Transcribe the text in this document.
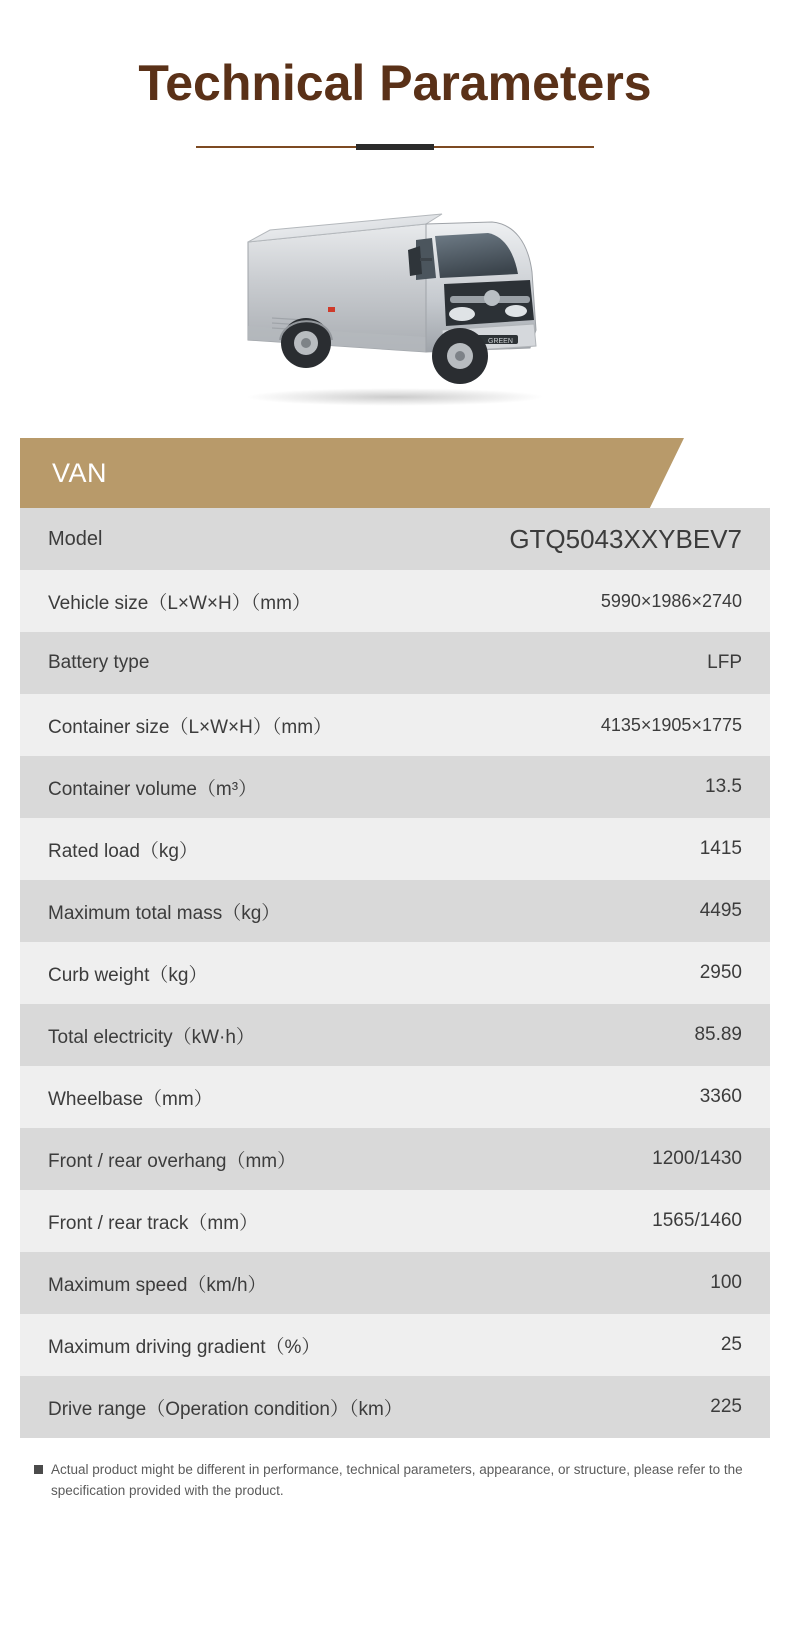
Technical Parameters
GREEN
VAN
Model	GTQ5043XXYBEV7
Vehicle size（L×W×H）（mm）	5990×1986×2740
Battery type	LFP
Container size（L×W×H）（mm）	4135×1905×1775
Container volume（m³）	13.5
Rated load（kg）	1415
Maximum total mass（kg）	4495
Curb weight（kg）	2950
Total electricity（kW·h）	85.89
Wheelbase（mm）	3360
Front / rear overhang（mm）	1200/1430
Front / rear track（mm）	1565/1460
Maximum speed（km/h）	100
Maximum driving gradient（%）	25
Drive range（Operation condition）（km）	225
Actual product might be different in performance, technical parameters, appearance, or structure, please refer to the specification provided with the product.
